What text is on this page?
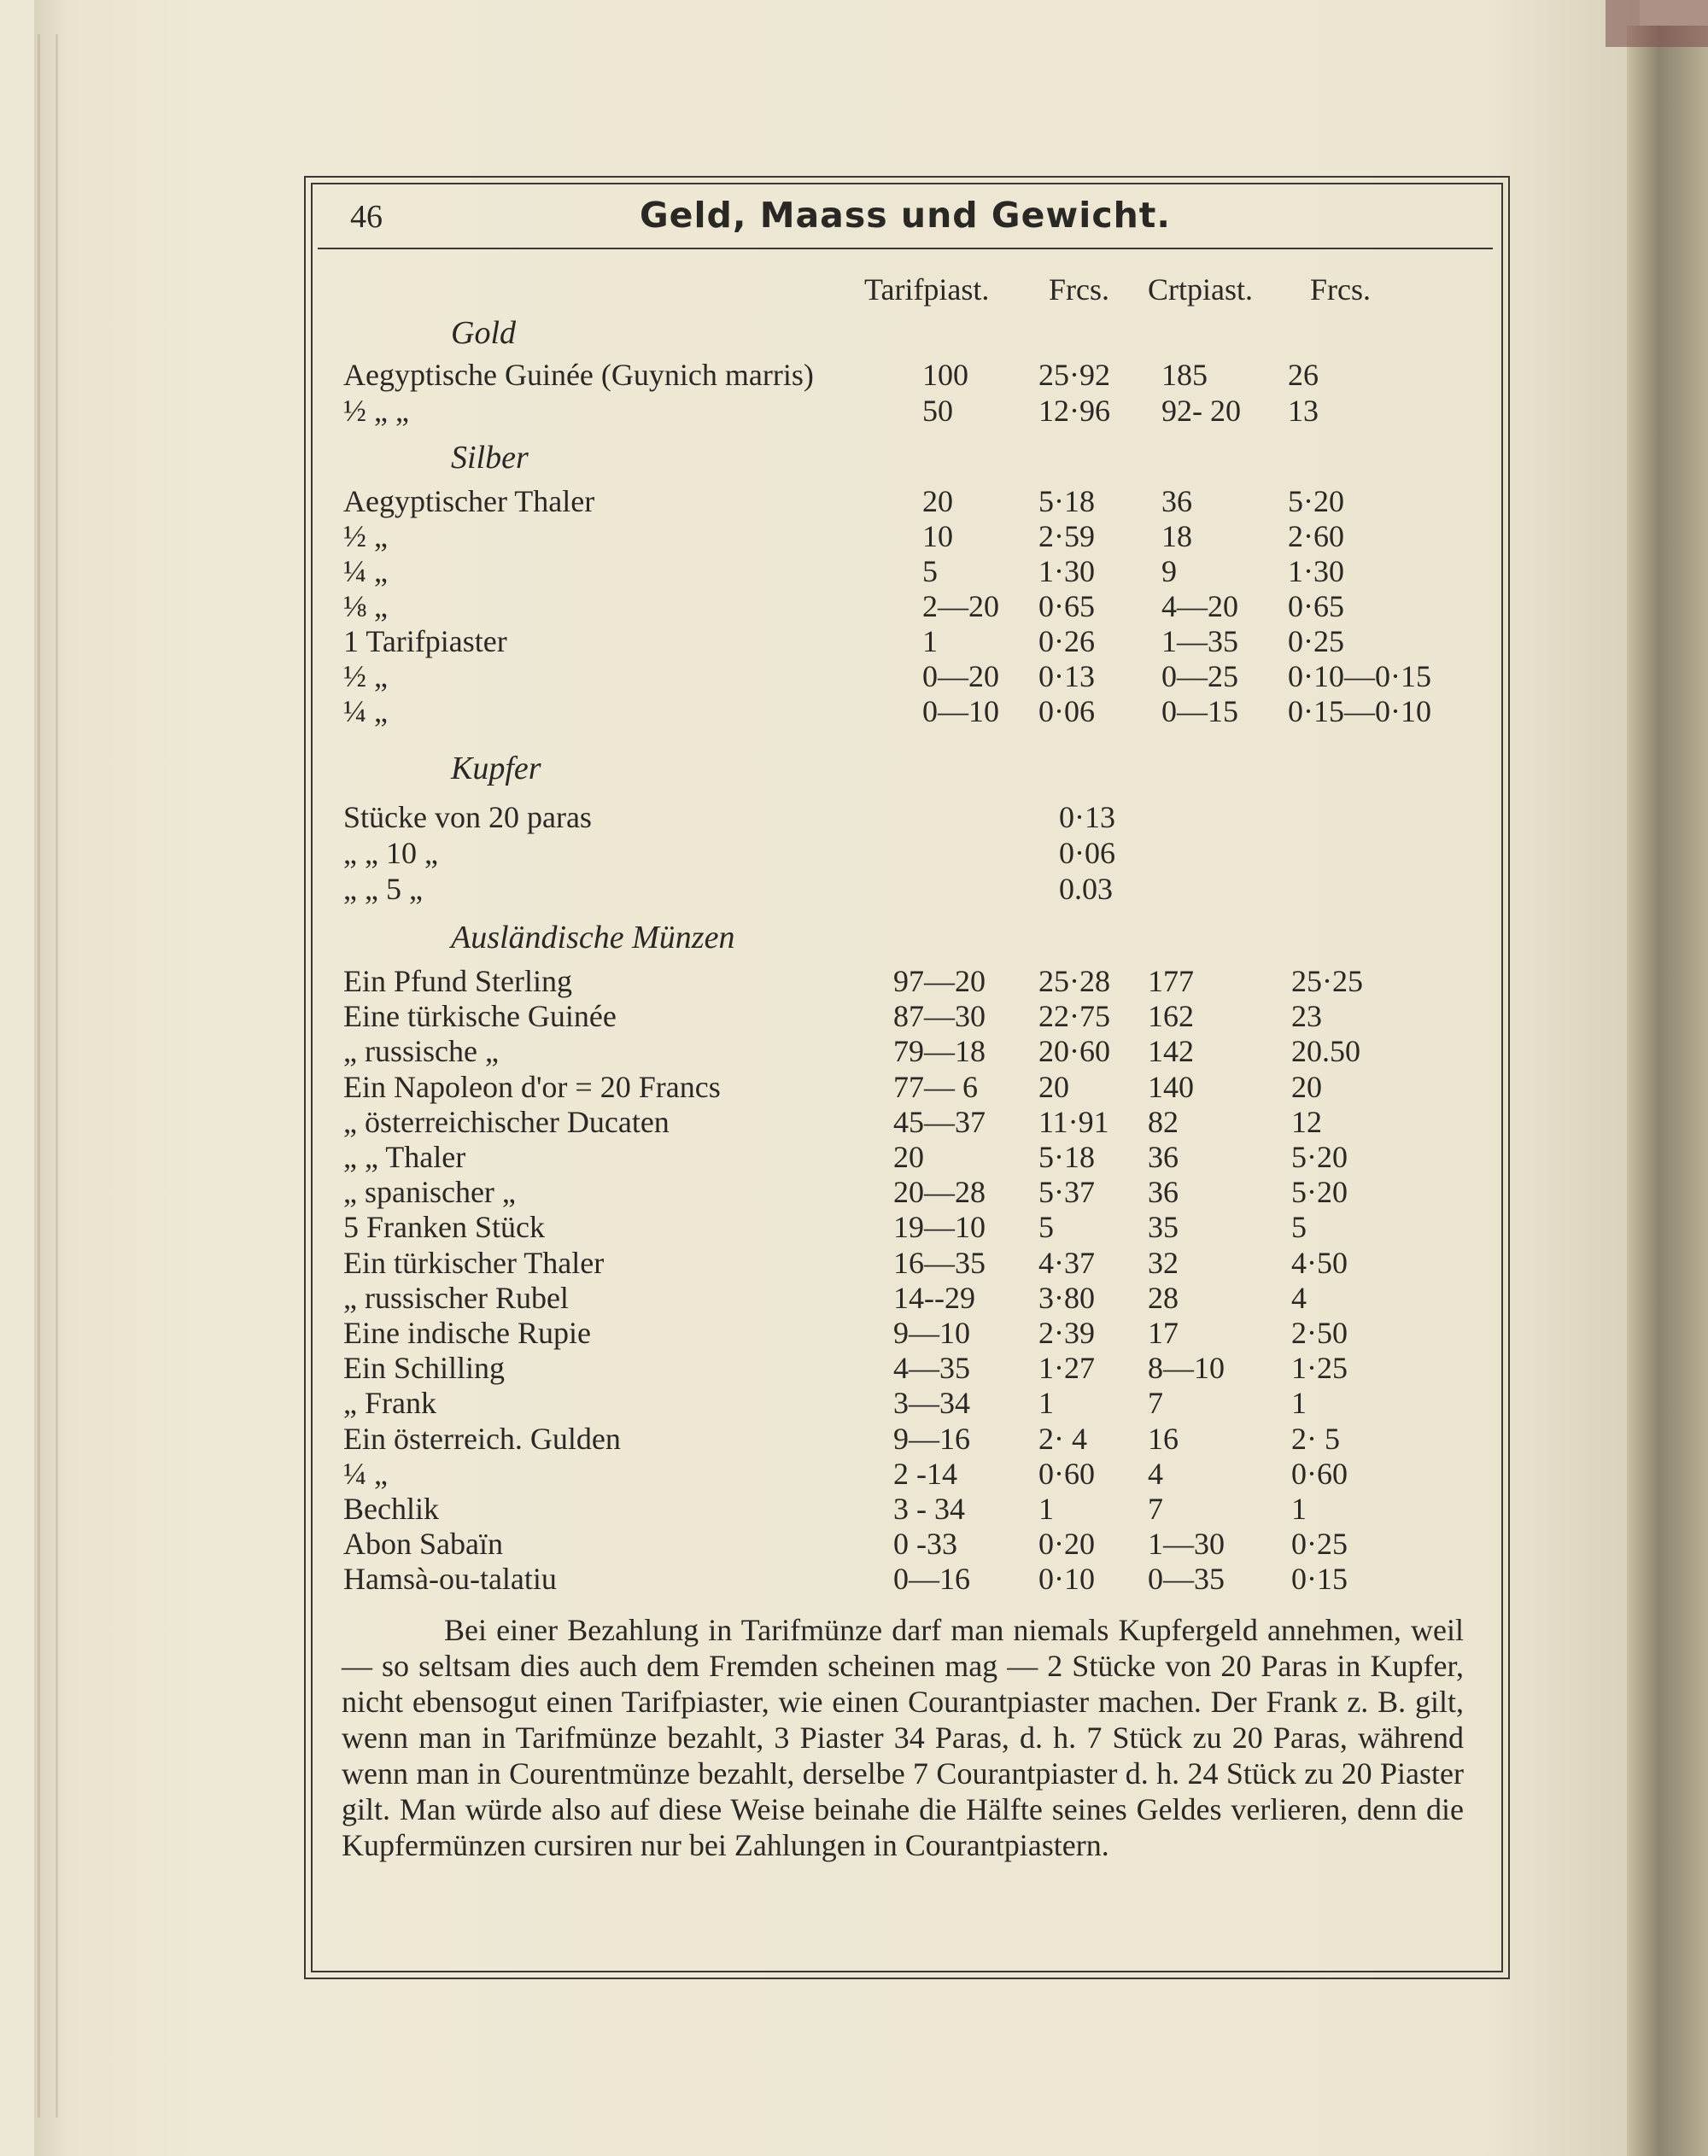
46	Geld, Maass und Gewicht.
Tarifpiast. Frcs. Crtpiast. Frcs.
Gold
Aegyptische Guinée (Guynich marris)	100 25·92 185	26
½ „ „	50	12·96 92- 20 13
Silber
Aegyptischer Thaler	20	5·18 36	5·20
½ „	10	2·59 18	2·60
¼ „	5	1·30 9	1·30
⅛ „	2—20 0·65 4—20 0·65
1 Tarifpiaster	1	0·26 1—35 0·25
½ „	0—20 0·13 0—25 0·10—0·15
¼ „	0—10 0·06 0—15 0·15—0·10
Kupfer
Stücke von 20 paras	0·13
„ „ 10 „	0·06
„ „ 5 „	0.03
Ausländische Münzen
Ein Pfund Sterling	97—20 25·28 177	25·25
Eine türkische Guinée	87—30 22·75 162	23
„ russische „	79—18 20·60 142	20.50
Ein Napoleon d'or = 20 Francs	77— 6 20	140	20
„ österreichischer Ducaten	45—37 11·91 82	12
„ „ Thaler	20	5·18 36	5·20
„ spanischer „	20—28 5·37 36	5·20
5 Franken Stück	19—10 5	35	5
Ein türkischer Thaler	16—35 4·37 32	4·50
„ russischer Rubel	14--29 3·80 28	4
Eine indische Rupie	9—10 2·39 17	2·50
Ein Schilling	4—35 1·27 8—10 1·25
„ Frank	3—34 1	7	1
Ein österreich. Gulden	9—16 2· 4 16	2· 5
¼ „	2 -14	0·60 4	0·60
Bechlik	3 - 34 1	7	1
Abon Sabaïn	0 -33	0·20 1—30 0·25
Hamsà-ou-talatiu	0—16 0·10 0—35 0·15
Bei einer Bezahlung in Tarifmünze darf man niemals Kupfergeld annehmen, weil — so seltsam dies auch dem Fremden scheinen mag — 2 Stücke von 20 Paras in Kupfer, nicht ebensogut einen Tarifpiaster, wie einen Courantpiaster machen. Der Frank z. B. gilt, wenn man in Tarifmünze bezahlt, 3 Piaster 34 Paras, d. h. 7 Stück zu 20 Paras, während wenn man in Courentmünze bezahlt, derselbe 7 Courantpiaster d. h. 24 Stück zu 20 Piaster gilt. Man würde also auf diese Weise beinahe die Hälfte seines Geldes verlieren, denn die Kupfermünzen cursiren nur bei Zahlungen in Courantpiastern.
